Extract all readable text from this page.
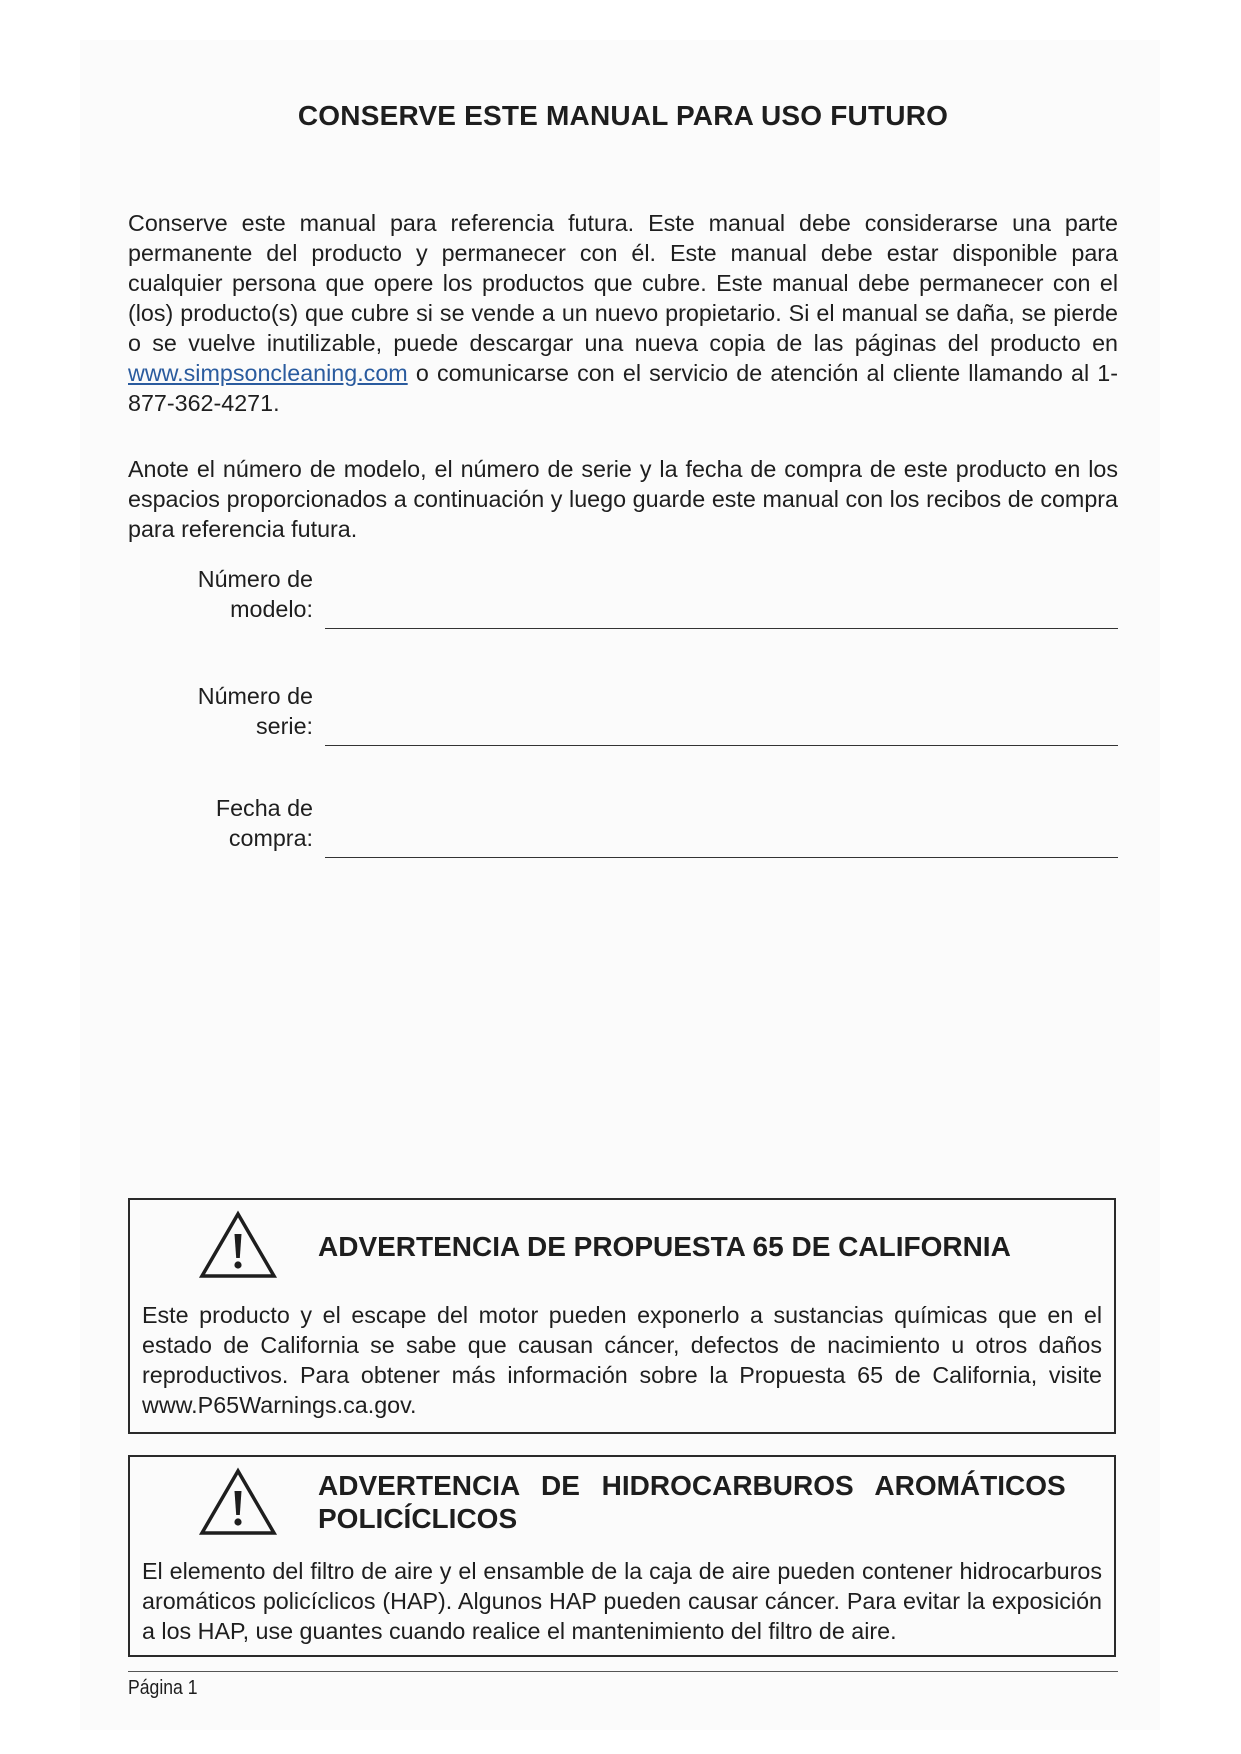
CONSERVE ESTE MANUAL PARA USO FUTURO
Conserve este manual para referencia futura. Este manual debe considerarse una parte permanente del producto y permanecer con él. Este manual debe estar disponible para cualquier persona que opere los productos que cubre. Este manual debe permanecer con el (los) producto(s) que cubre si se vende a un nuevo propietario. Si el manual se daña, se pierde o se vuelve inutilizable, puede descargar una nueva copia de las páginas del producto en www.simpsoncleaning.com o comunicarse con el servicio de atención al cliente llamando al 1-877-362-4271.
Anote el número de modelo, el número de serie y la fecha de compra de este producto en los espacios proporcionados a continuación y luego guarde este manual con los recibos de compra para referencia futura.
Número de
modelo:
Número de
serie:
Fecha de
compra:
ADVERTENCIA DE PROPUESTA 65 DE CALIFORNIA
Este producto y el escape del motor pueden exponerlo a sustancias químicas que en el estado de California se sabe que causan cáncer, defectos de nacimiento u otros daños reproductivos. Para obtener más información sobre la Propuesta 65 de California, visite www.P65Warnings.ca.gov.
ADVERTENCIA DE HIDROCARBUROS AROMÁTICOS POLICÍCLICOS
El elemento del filtro de aire y el ensamble de la caja de aire pueden contener hidrocarburos aromáticos policíclicos (HAP). Algunos HAP pueden causar cáncer. Para evitar la exposición a los HAP, use guantes cuando realice el mantenimiento del filtro de aire.
Página 1
